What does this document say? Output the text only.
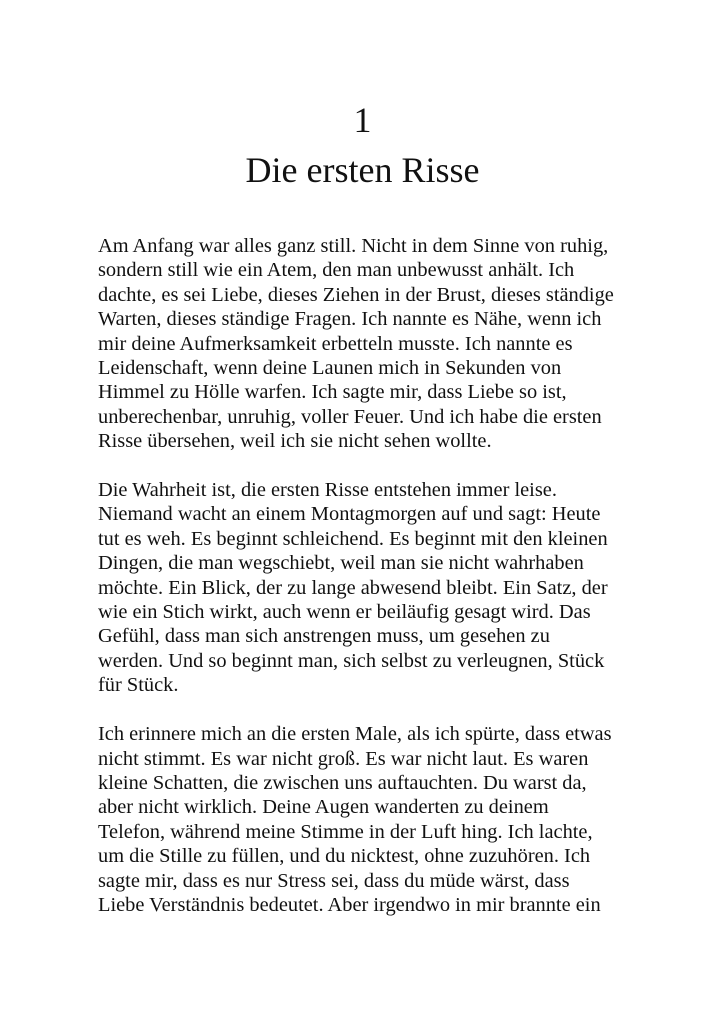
1
Die ersten Risse
Am Anfang war alles ganz still. Nicht in dem Sinne von ruhig,
sondern still wie ein Atem, den man unbewusst anhält. Ich
dachte, es sei Liebe, dieses Ziehen in der Brust, dieses ständige
Warten, dieses ständige Fragen. Ich nannte es Nähe, wenn ich
mir deine Aufmerksamkeit erbetteln musste. Ich nannte es
Leidenschaft, wenn deine Launen mich in Sekunden von
Himmel zu Hölle warfen. Ich sagte mir, dass Liebe so ist,
unberechenbar, unruhig, voller Feuer. Und ich habe die ersten
Risse übersehen, weil ich sie nicht sehen wollte.
Die Wahrheit ist, die ersten Risse entstehen immer leise.
Niemand wacht an einem Montagmorgen auf und sagt: Heute
tut es weh. Es beginnt schleichend. Es beginnt mit den kleinen
Dingen, die man wegschiebt, weil man sie nicht wahrhaben
möchte. Ein Blick, der zu lange abwesend bleibt. Ein Satz, der
wie ein Stich wirkt, auch wenn er beiläufig gesagt wird. Das
Gefühl, dass man sich anstrengen muss, um gesehen zu
werden. Und so beginnt man, sich selbst zu verleugnen, Stück
für Stück.
Ich erinnere mich an die ersten Male, als ich spürte, dass etwas
nicht stimmt. Es war nicht groß. Es war nicht laut. Es waren
kleine Schatten, die zwischen uns auftauchten. Du warst da,
aber nicht wirklich. Deine Augen wanderten zu deinem
Telefon, während meine Stimme in der Luft hing. Ich lachte,
um die Stille zu füllen, und du nicktest, ohne zuzuhören. Ich
sagte mir, dass es nur Stress sei, dass du müde wärst, dass
Liebe Verständnis bedeutet. Aber irgendwo in mir brannte ein
